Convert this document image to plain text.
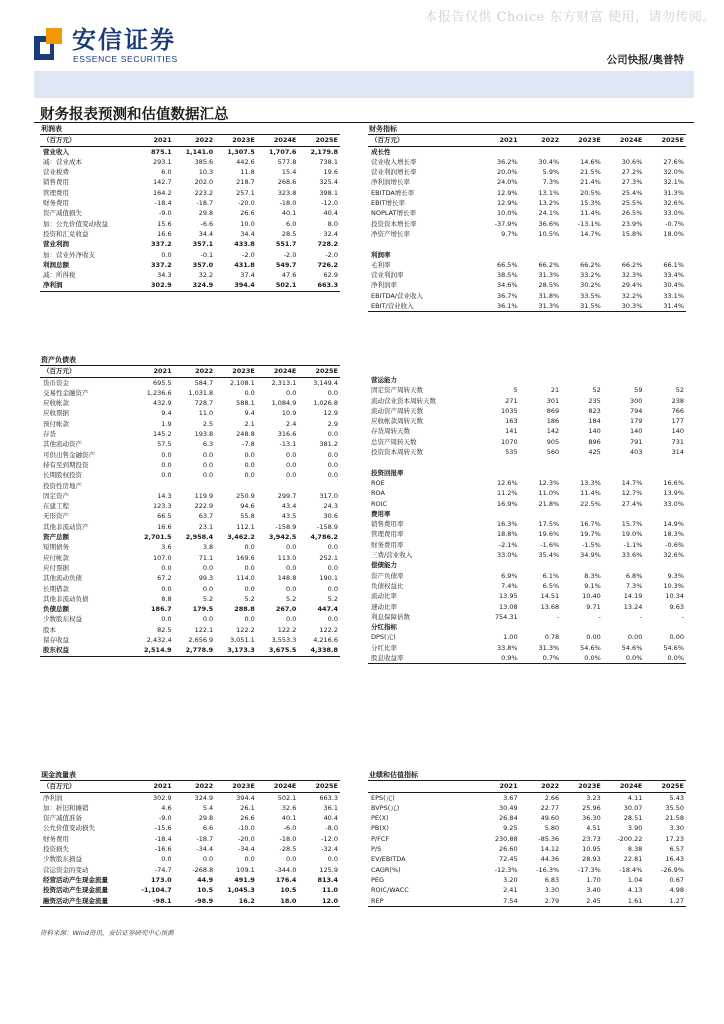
本报告仅供 Choice 东方财富 使用，请勿传阅。
安信证券
ESSENCE SECURITIES	公司快报/奥普特
财务报表预测和估值数据汇总
利润表					
（百万元）	2021	2022	2023E	2024E	2025E
营业收入	875.1	1,141.0	1,307.5	1,707.6	2,179.8
减：营业成本	293.1	385.6	442.6	577.8	738.1
营业税费	6.0	10.3	11.8	15.4	19.6
销售费用	142.7	202.0	218.7	268.6	325.4
管理费用	164.2	223.2	257.1	323.8	398.1
财务费用	-18.4	-18.7	-20.0	-18.0	-12.0
资产减值损失	-9.0	29.8	26.6	40.1	40.4
加：公允价值变动收益	15.6	-6.6	10.0	6.0	8.0
投资和汇兑收益	16.6	34.4	34.4	28.5	32.4
营业利润	337.2	357.1	433.8	551.7	728.2
加：营业外净收支	0.0	-0.1	-2.0	-2.0	-2.0
利润总额	337.2	357.0	431.8	549.7	726.2
减：所得税	34.3	32.2	37.4	47.6	62.9
净利润	302.9	324.9	394.4	502.1	663.3
财务指标					
（百万元）	2021	2022	2023E	2024E	2025E
成长性					
营业收入增长率	36.2%	30.4%	14.6%	30.6%	27.6%
营业利润增长率	20.0%	5.9%	21.5%	27.2%	32.0%
净利润增长率	24.0%	7.3%	21.4%	27.3%	32.1%
EBITDA增长率	12.9%	13.1%	20.5%	25.4%	31.3%
EBIT增长率	12.9%	13.2%	15.3%	25.5%	32.6%
NOPLAT增长率	10.0%	24.1%	11.4%	26.5%	33.0%
投资资本增长率	-37.9%	36.6%	-13.1%	23.9%	-0.7%
净资产增长率	9.7%	10.5%	14.7%	15.8%	18.0%

利润率					
毛利率	66.5%	66.2%	66.2%	66.2%	66.1%
营业利润率	38.5%	31.3%	33.2%	32.3%	33.4%
净利润率	34.6%	28.5%	30.2%	29.4%	30.4%
EBITDA/营业收入	36.7%	31.8%	33.5%	32.2%	33.1%
EBIT/营业收入	36.1%	31.3%	31.5%	30.3%	31.4%
资产负债表					
（百万元）	2021	2022	2023E	2024E	2025E
货币资金	695.5	584.7	2,108.1	2,313.1	3,149.4
交易性金融资产	1,236.6	1,031.8	0.0	0.0	0.0
应收帐款	432.9	728.7	588.1	1,084.9	1,026.8
应收票据	9.4	11.0	9.4	10.9	12.9
预付帐款	1.9	2.5	2.1	2.4	2.9
存货	145.2	193.8	248.8	316.6	0.0
其他流动资产	57.5	6.3	-7.8	-13.1	381.2
可供出售金融资产	0.0	0.0	0.0	0.0	0.0
持有至到期投资	0.0	0.0	0.0	0.0	0.0
长期股权投资	0.0	0.0	0.0	0.0	0.0
投资性房地产					
固定资产	14.3	119.9	250.9	299.7	317.0
在建工程	123.3	222.9	94.6	43.4	24.3
无形资产	66.5	63.7	55.8	43.5	30.6
其他非流动资产	16.6	23.1	112.1	-158.9	-158.9
资产总额	2,701.5	2,958.4	3,462.2	3,942.5	4,786.2
短期债务	3.6	3.8	0.0	0.0	0.0
应付帐款	107.0	71.1	169.6	113.0	252.1
应付票据	0.0	0.0	0.0	0.0	0.0
其他流动负债	67.2	99.3	114.0	148.8	190.1
长期借款	0.0	0.0	0.0	0.0	0.0
其他非流动负债	8.8	5.2	5.2	5.2	5.2
负债总额	186.7	179.5	288.8	267.0	447.4
少数股东权益	0.0	0.0	0.0	0.0	0.0
股本	82.5	122.1	122.2	122.2	122.2
留存收益	2,432.4	2,656.9	3,051.1	3,553.3	4,216.6
股东权益	2,514.9	2,778.9	3,173.3	3,675.5	4,338.8
营运能力					
固定资产周转天数	5	21	52	59	52
流动营业资本周转天数	271	301	235	300	238
流动资产周转天数	1035	869	823	794	766
应收帐款周转天数	163	186	184	179	177
存货周转天数	141	142	140	140	140
总资产周转天数	1070	905	896	791	731
投资资本周转天数	535	560	425	403	314

投资回报率					
ROE	12.6%	12.3%	13.3%	14.7%	16.6%
ROA	11.2%	11.0%	11.4%	12.7%	13.9%
ROIC	16.9%	21.8%	22.5%	27.4%	33.0%
费用率					
销售费用率	16.3%	17.5%	16.7%	15.7%	14.9%
管理费用率	18.8%	19.6%	19.7%	19.0%	18.3%
财务费用率	-2.1%	-1.6%	-1.5%	-1.1%	-0.6%
三费/营业收入	33.0%	35.4%	34.9%	33.6%	32.6%
偿债能力					
资产负债率	6.9%	6.1%	8.3%	6.8%	9.3%
负债权益比	7.4%	6.5%	9.1%	7.3%	10.3%
流动比率	13.95	14.51	10.40	14.19	10.34
速动比率	13.08	13.68	9.71	13.24	9.63
利息保障倍数	754.31	-	-	-	-
分红指标					
DPS(元)	1.00	0.78	0.00	0.00	0.00
分红比率	33.8%	31.3%	54.6%	54.6%	54.6%
股息收益率	0.9%	0.7%	0.0%	0.0%	0.0%
现金流量表					
（百万元）	2021	2022	2023E	2024E	2025E
净利润	302.9	324.9	394.4	502.1	663.3
加：折旧和摊销	4.6	5.4	26.1	32.6	36.1
资产减值准备	-9.0	29.8	26.6	40.1	40.4
公允价值变动损失	-15.6	6.6	-10.0	-6.0	-8.0
财务费用	-18.4	-18.7	-20.0	-18.0	-12.0
投资损失	-16.6	-34.4	-34.4	-28.5	-32.4
少数股东损益	0.0	0.0	0.0	0.0	0.0
营运资金的变动	-74.7	-268.8	109.1	-344.0	125.9
经营活动产生现金流量	173.0	44.9	491.9	176.4	813.4
投资活动产生现金流量	-1,104.7	10.5	1,045.3	10.5	11.0
融资活动产生现金流量	-98.1	-98.9	16.2	18.0	12.0
业绩和估值指标					
	2021	2022	2023E	2024E	2025E
EPS(元)	3.67	2.66	3.23	4.11	5.43
BVPS(元)	30.49	22.77	25.96	30.07	35.50
PE(X)	26.84	49.60	36.30	28.51	21.58
PB(X)	9.25	5.80	4.51	3.90	3.30
P/FCF	230.88	-85.36	23.73	-200.22	17.23
P/S	26.60	14.12	10.95	8.38	6.57
EV/EBITDA	72.45	44.36	28.93	22.81	16.43
CAGR(%)	-12.3%	-16.3%	-17.3%	-18.4%	-26.9%
PEG	3.20	6.83	1.70	1.04	0.67
ROIC/WACC	2.41	3.30	3.40	4.13	4.98
REP	7.54	2.79	2.45	1.61	1.27
资料来源：Wind资讯，安信证券研究中心预测
